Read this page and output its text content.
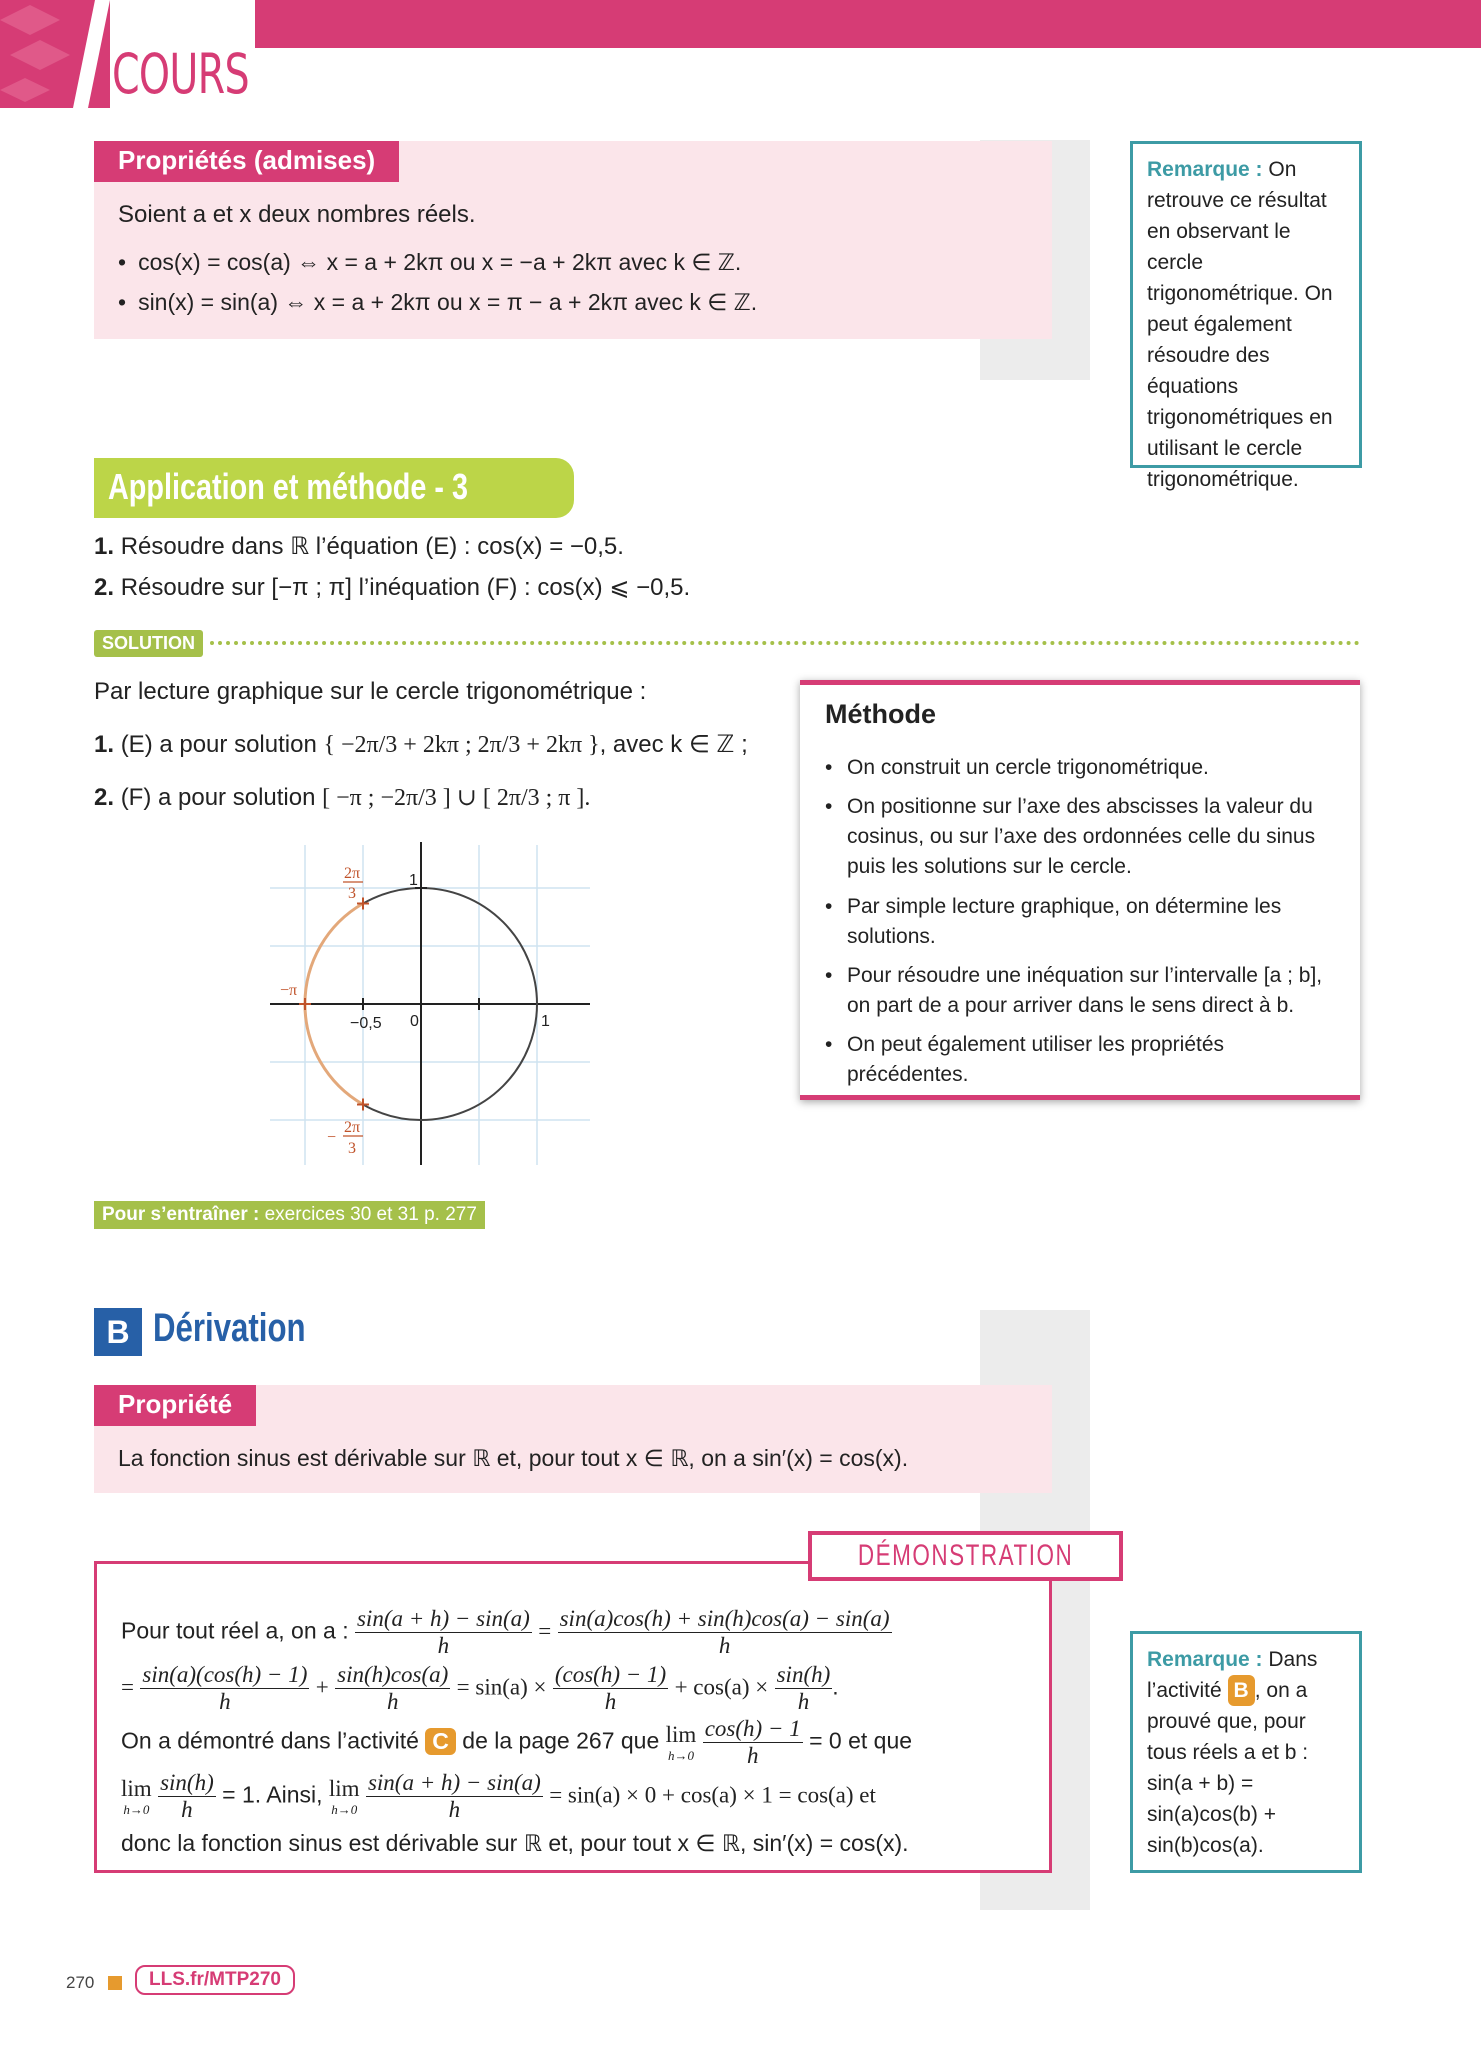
COURS
Propriétés (admises)
Soient a et x deux nombres réels.
• cos(x) = cos(a) ⇔ x = a + 2kπ ou x = −a + 2kπ avec k ∈ ℤ.
• sin(x) = sin(a) ⇔ x = a + 2kπ ou x = π − a + 2kπ avec k ∈ ℤ.
Remarque : On retrouve ce résultat en observant le cercle trigonométrique. On peut également résoudre des équations trigonométriques en utilisant le cercle trigonométrique.
Application et méthode - 3
1. Résoudre dans ℝ l’équation (E) : cos(x) = −0,5.
2. Résoudre sur [−π ; π] l’inéquation (F) : cos(x) ⩽ −0,5.
SOLUTION
Par lecture graphique sur le cercle trigonométrique :
1. (E) a pour solution { −2π/3 + 2kπ ; 2π/3 + 2kπ }, avec k ∈ ℤ ;
2. (F) a pour solution [ −π ; −2π/3 ] ∪ [ 2π/3 ; π ].
2π
3
−
2π
3
−π
1
1
0
−0,5
Méthode
• On construit un cercle trigonométrique.
• On positionne sur l’axe des abscisses la valeur du cosinus, ou sur l’axe des ordonnées celle du sinus puis les solutions sur le cercle.
• Par simple lecture graphique, on détermine les solutions.
• Pour résoudre une inéquation sur l’intervalle [a ; b], on part de a pour arriver dans le sens direct à b.
• On peut également utiliser les propriétés précédentes.
Pour s’entraîner : exercices 30 et 31 p. 277
B Dérivation
Propriété
La fonction sinus est dérivable sur ℝ et, pour tout x ∈ ℝ, on a sin′(x) = cos(x).
Pour tout réel a, on a : $\frac{\sin(a + h) - \sin(a)}{h} = \frac{\sin(a)\cos(h) + \sin(h)\cos(a) - \sin(a)}{h}$
= $\frac{\sin(a)(\cos(h) - 1)}{h} + \frac{\sin(h)\cos(a)}{h} = \sin(a) \times \frac{(\cos(h) - 1)}{h} + \cos(a) \times \frac{\sin(h)}{h}$ .
On a démontré dans l’activité C de la page 267 que lim
h→0
$\frac{\cos(h) - 1}{h} = 0$ et que
lim
h→0
$\frac{\sin(h)}{h} = 1$. Ainsi, lim
h→0
$\frac{\sin(a + h) - \sin(a)}{h} = \sin(a) \times 0 + \cos(a) \times 1 = \cos(a)$ et
donc la fonction sinus est dérivable sur ℝ et, pour tout x ∈ ℝ, sin′(x) = cos(x).
DÉMONSTRATION
Remarque : Dans l’activité B , on a prouvé que, pour tous réels a et b : sin(a + b) = sin(a)cos(b) + sin(b)cos(a).
270	LLS.fr/MTP270
